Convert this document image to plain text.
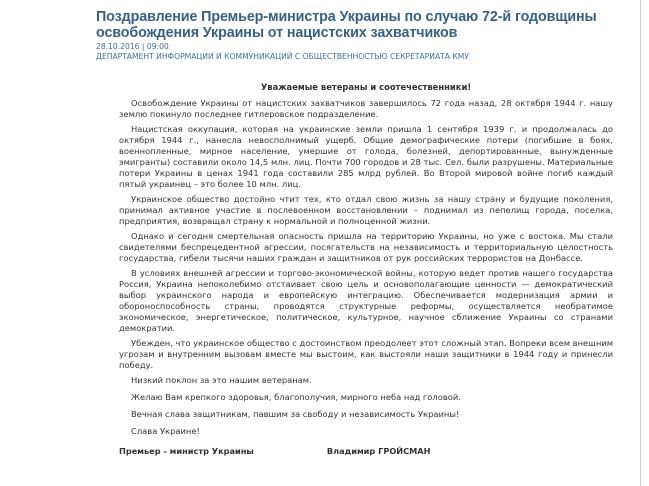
Поздравление Премьер-министра Украины по случаю 72-й годовщины освобождения Украины от нацистских захватчиков
28.10.2016 | 09:00
ДЕПАРТАМЕНТ ИНФОРМАЦИИ И КОММУНИКАЦИЙ С ОБЩЕСТВЕННОСТЬЮ СЕКРЕТАРИАТА КМУ

Уважаемые ветераны и соотечественники!

Освобождение Украины от нацистских захватчиков завершилось 72 года назад, 28 октября 1944 г. нашу землю покинуло последнее гитлеровское подразделение.

Нацистская оккупация, которая на украинские земли пришла 1 сентября 1939 г. и продолжалась до октября 1944 г., нанесла невосполнимый ущерб. Общие демографические потери (погибшие в боях, военнопленные, мирное население, умершие от голода, болезней, депортированные, вынужденные эмигранты) составили около 14,5 млн. лиц. Почти 700 городов и 28 тыс. Сел. были разрушены. Материальные потери Украины в ценах 1941 года составили 285 млрд рублей. Во Второй мировой войне погиб каждый пятый украинец – это более 10 млн. лиц.

Украинское общество достойно чтит тех, кто отдал свою жизнь за нашу страну и будущие поколения, принимал активное участие в послевоенном восстановлении – поднимал из пепелищ города, поселка, предприятия, возвращал страну к нормальной и полноценной жизни.

Однако и сегодня смертельная опасность пришла на территорию Украины, но уже с востока. Мы стали свидетелями беспрецедентной агрессии, посягательств на независимость и территориальную целостность государства, гибели тысячи наших граждан и защитников от рук российских террористов на Донбассе.

В условиях внешней агрессии и торгово-экономической войны, которую ведет против нашего государства Россия, Украина непоколебимо отстаивает свою цель и основополагающие ценности — демократический выбор украинского народа и европейскую интеграцию. Обеспечивается модернизация армии и обороноспособность страны, проводятся структурные реформы, осуществляется необратимое экономическое, энергетическое, политическое, культурное, научное сближение Украины со странами демократии.

Убежден, что украинское общество с достоинством преодолеет этот сложный этап. Вопреки всем внешним угрозам и внутренним вызовам вместе мы выстоим, как выстояли наши защитники в 1944 году и принесли победу.

Низкий поклон за это нашим ветеранам.

Желаю Вам крепкого здоровья, благополучия, мирного неба над головой.

Вечная слава защитникам, павшим за свободу и независимость Украины!

Слава Украине!

Премьер - министр Украины	Владимир ГРОЙСМАН
